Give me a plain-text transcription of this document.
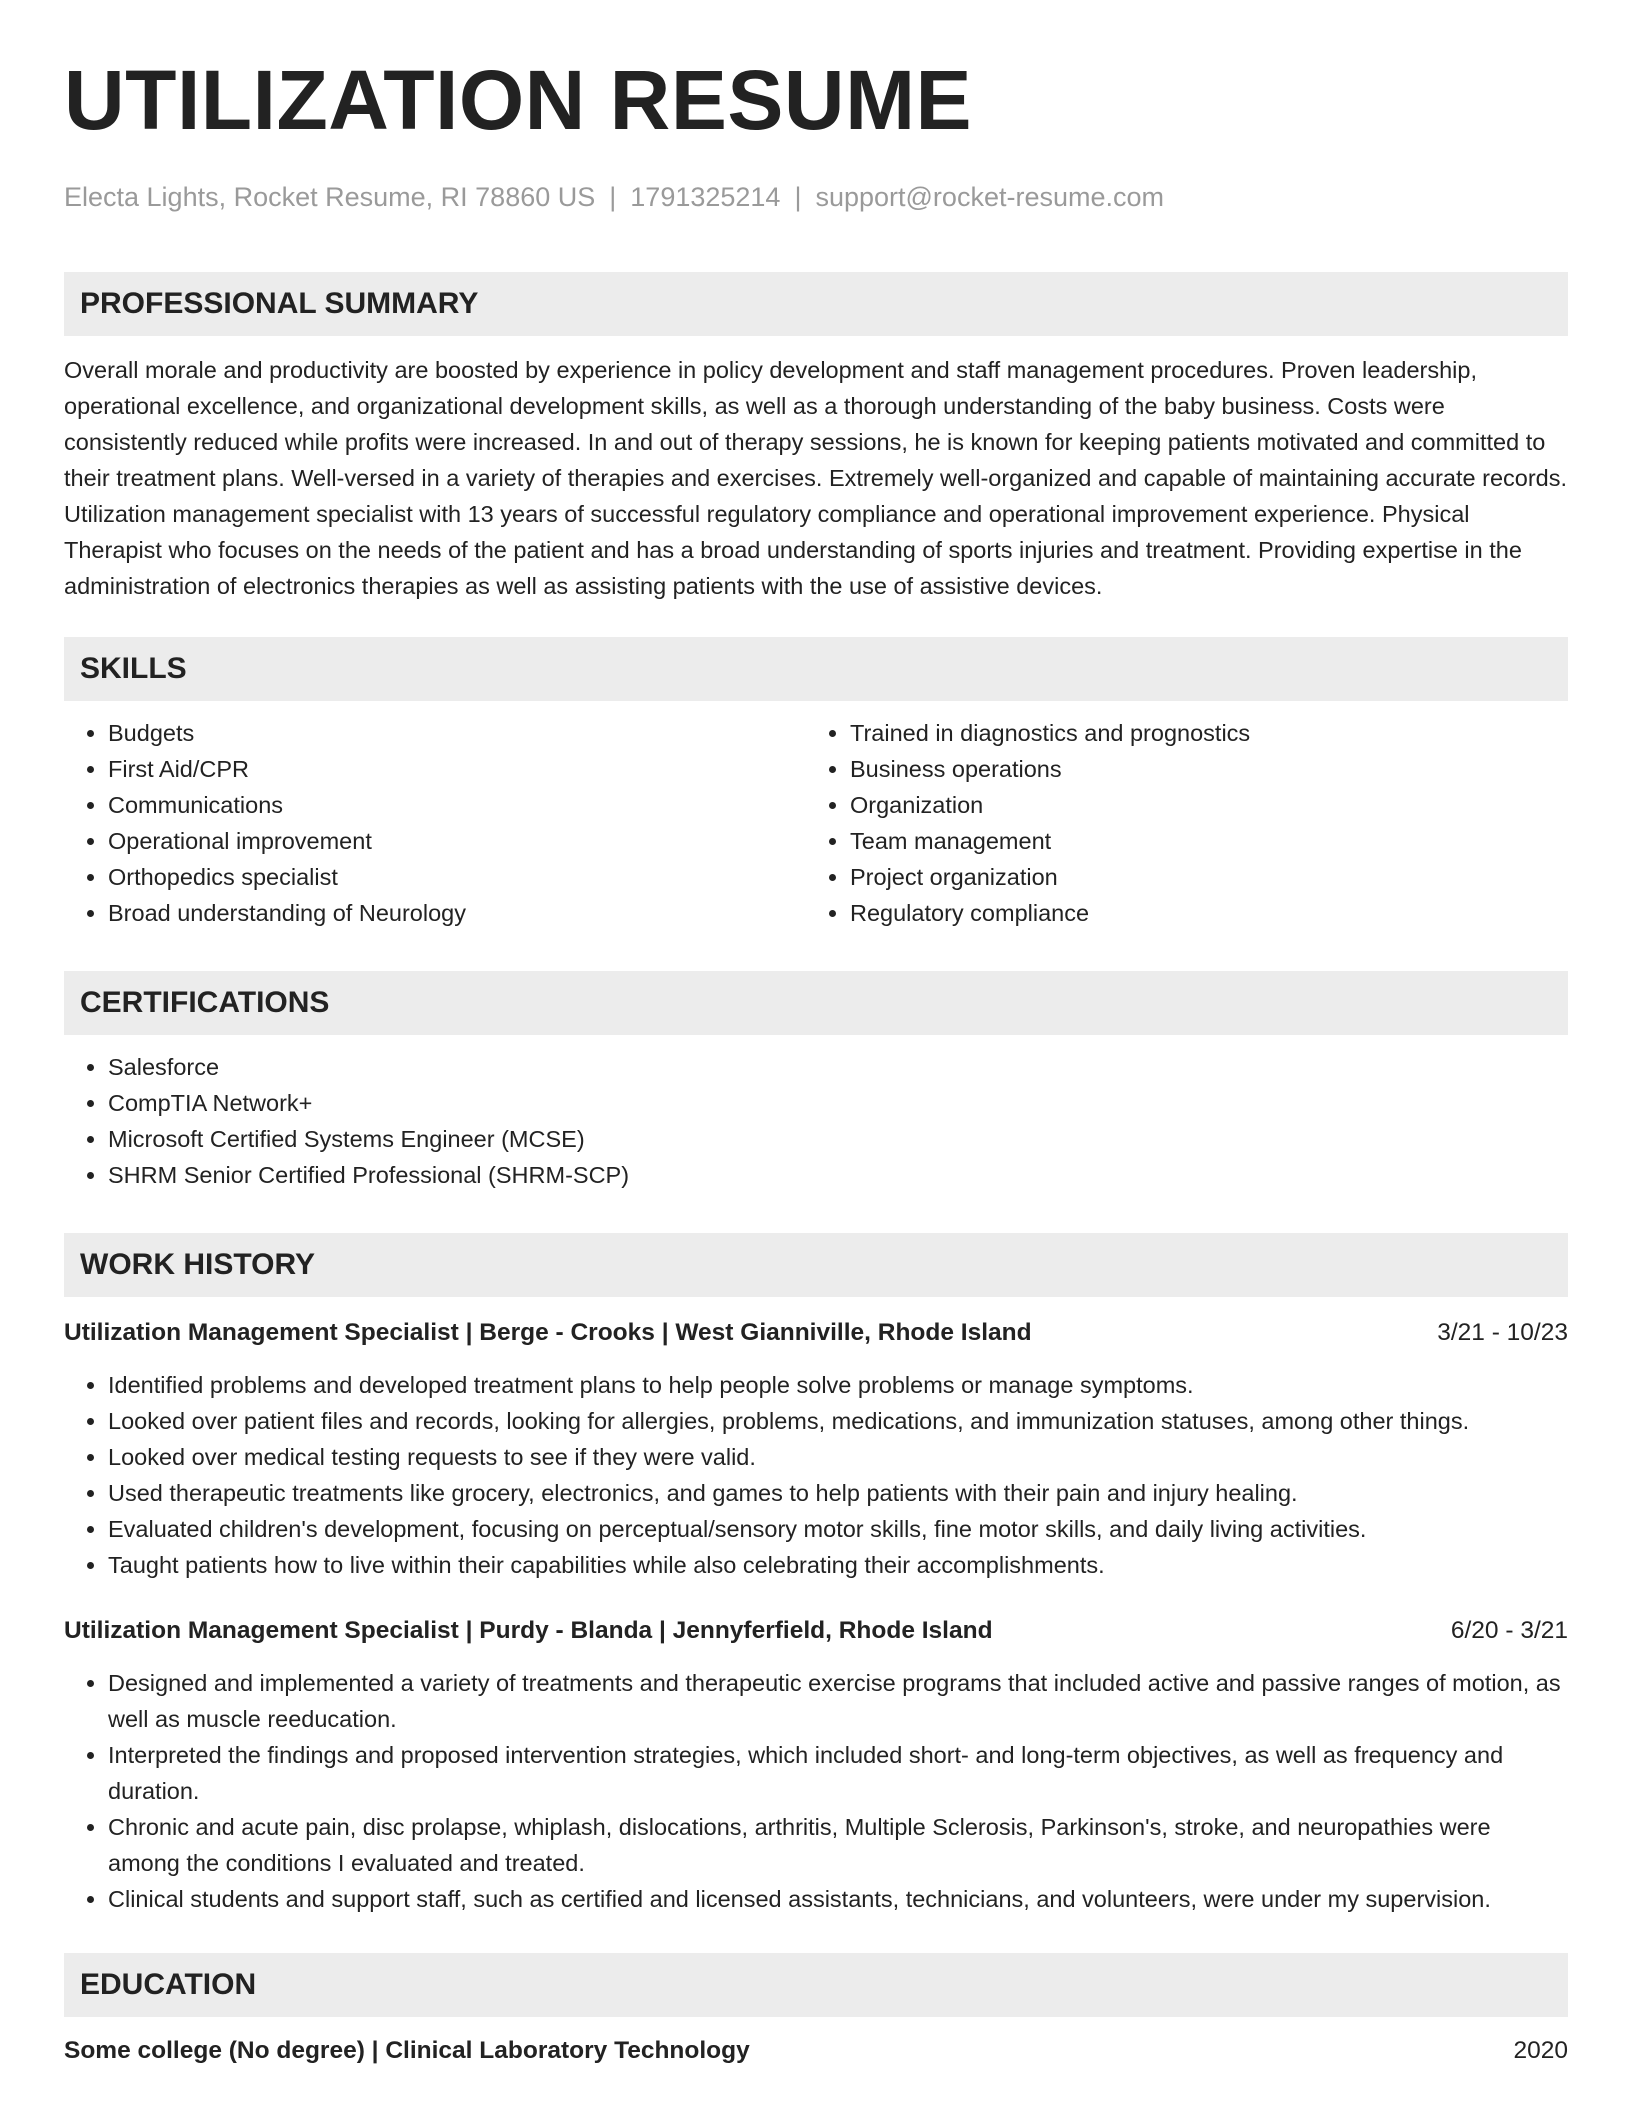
UTILIZATION RESUME
Electa Lights, Rocket Resume, RI 78860 US | 1791325214 | support@rocket-resume.com
PROFESSIONAL SUMMARY
Overall morale and productivity are boosted by experience in policy development and staff management procedures. Proven leadership, operational excellence, and organizational development skills, as well as a thorough understanding of the baby business. Costs were consistently reduced while profits were increased. In and out of therapy sessions, he is known for keeping patients motivated and committed to their treatment plans. Well-versed in a variety of therapies and exercises. Extremely well-organized and capable of maintaining accurate records. Utilization management specialist with 13 years of successful regulatory compliance and operational improvement experience. Physical Therapist who focuses on the needs of the patient and has a broad understanding of sports injuries and treatment. Providing expertise in the administration of electronics therapies as well as assisting patients with the use of assistive devices.
SKILLS
• Budgets
• First Aid/CPR
• Communications
• Operational improvement
• Orthopedics specialist
• Broad understanding of Neurology
• Trained in diagnostics and prognostics
• Business operations
• Organization
• Team management
• Project organization
• Regulatory compliance
CERTIFICATIONS
• Salesforce
• CompTIA Network+
• Microsoft Certified Systems Engineer (MCSE)
• SHRM Senior Certified Professional (SHRM-SCP)
WORK HISTORY
Utilization Management Specialist | Berge - Crooks | West Gianniville, Rhode Island	3/21 - 10/23
• Identified problems and developed treatment plans to help people solve problems or manage symptoms.
• Looked over patient files and records, looking for allergies, problems, medications, and immunization statuses, among other things.
• Looked over medical testing requests to see if they were valid.
• Used therapeutic treatments like grocery, electronics, and games to help patients with their pain and injury healing.
• Evaluated children's development, focusing on perceptual/sensory motor skills, fine motor skills, and daily living activities.
• Taught patients how to live within their capabilities while also celebrating their accomplishments.
Utilization Management Specialist | Purdy - Blanda | Jennyferfield, Rhode Island	6/20 - 3/21
• Designed and implemented a variety of treatments and therapeutic exercise programs that included active and passive ranges of motion, as well as muscle reeducation.
• Interpreted the findings and proposed intervention strategies, which included short- and long-term objectives, as well as frequency and duration.
• Chronic and acute pain, disc prolapse, whiplash, dislocations, arthritis, Multiple Sclerosis, Parkinson's, stroke, and neuropathies were among the conditions I evaluated and treated.
• Clinical students and support staff, such as certified and licensed assistants, technicians, and volunteers, were under my supervision.
EDUCATION
Some college (No degree) | Clinical Laboratory Technology	2020
